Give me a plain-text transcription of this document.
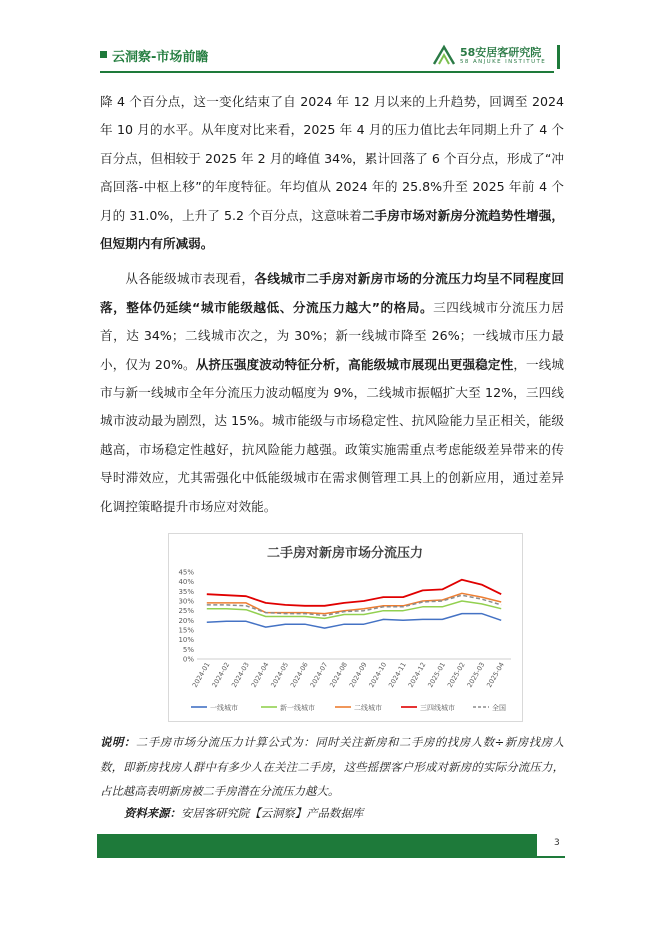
云洞察-市场前瞻	58安居客研究院
58 ANJUKE INSTITUTE

降 4 个百分点，这一变化结束了自 2024 年 12 月以来的上升趋势，回调至 2024 年 10 月的水平。从年度对比来看，2025 年 4 月的压力值比去年同期上升了 4 个百分点，但相较于 2025 年 2 月的峰值 34%，累计回落了 6 个百分点，形成了“冲高回落-中枢上移”的年度特征。年均值从 2024 年的 25.8%升至 2025 年前 4 个月的 31.0%，上升了 5.2 个百分点，这意味着二手房市场对新房分流趋势性增强，但短期内有所减弱。

从各能级城市表现看，各线城市二手房对新房市场的分流压力均呈不同程度回落，整体仍延续“城市能级越低、分流压力越大”的格局。三四线城市分流压力居首，达 34%；二线城市次之，为 30%；新一线城市降至 26%；一线城市压力最小，仅为 20%。从挤压强度波动特征分析，高能级城市展现出更强稳定性，一线城市与新一线城市全年分流压力波动幅度为 9%，二线城市振幅扩大至 12%，三四线城市波动最为剧烈，达 15%。城市能级与市场稳定性、抗风险能力呈正相关，能级越高，市场稳定性越好，抗风险能力越强。政策实施需重点考虑能级差异带来的传导时滞效应，尤其需强化中低能级城市在需求侧管理工具上的创新应用，通过差异化调控策略提升市场应对效能。

二手房对新房市场分流压力
45%
40%
35%
30%
25%
20%
15%
10%
5%
0%
2024-01
2024-02
2024-03
2024-04
2024-05
2024-06
2024-07
2024-08
2024-09
2024-10
2024-11
2024-12
2025-01
2025-02
2025-03
2025-04
一线城市	新一线城市	二线城市	三四线城市	全国
说明：二手房市场分流压力计算公式为：同时关注新房和二手房的找房人数÷新房找房人数，即新房找房人群中有多少人在关注二手房，这些摇摆客户形成对新房的实际分流压力，占比越高表明新房被二手房潜在分流压力越大。
资料来源：安居客研究院【云洞察】产品数据库
3
